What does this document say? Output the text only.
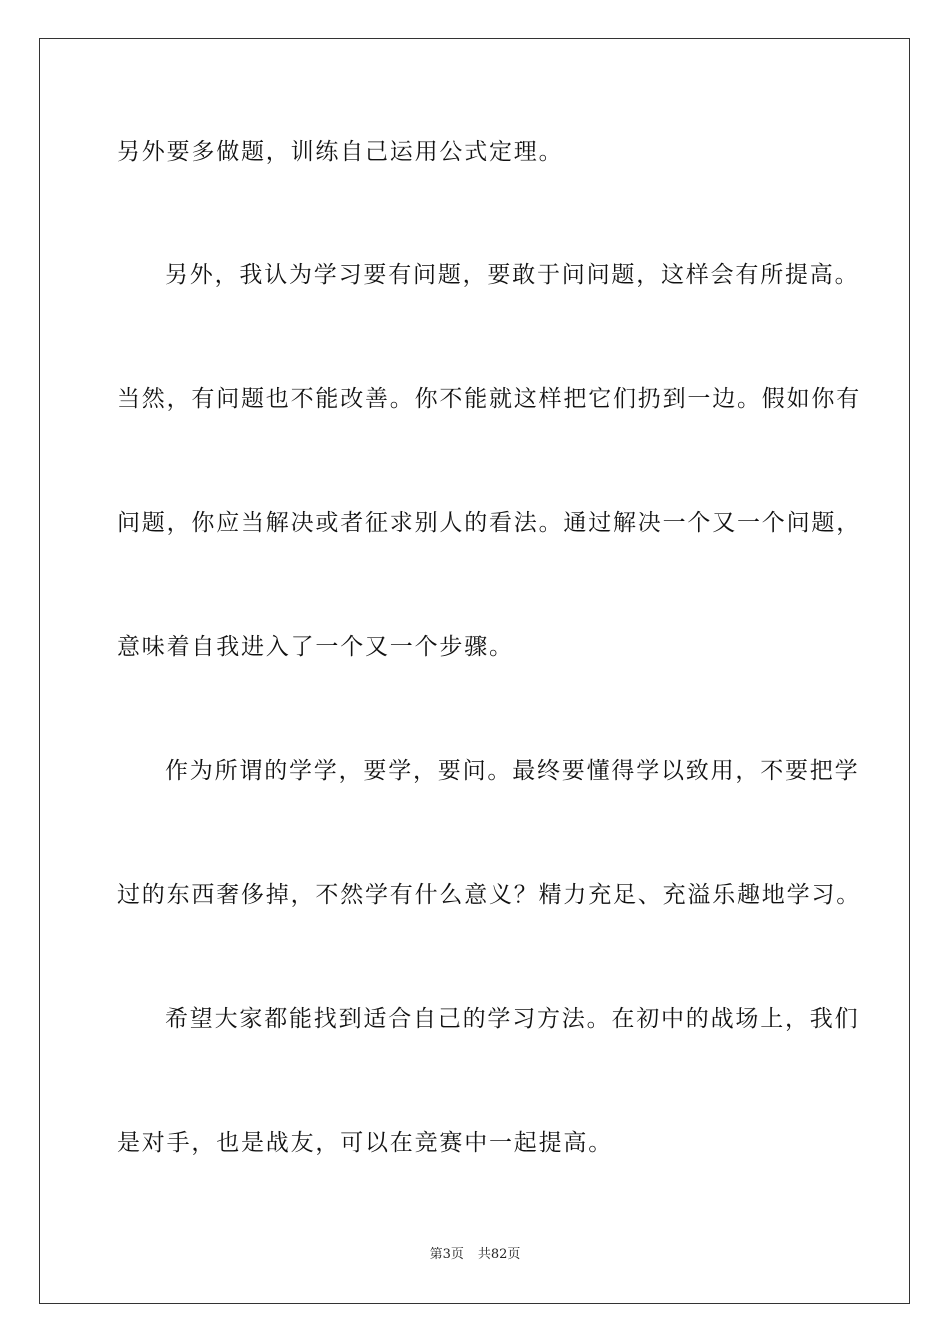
另外要多做题，训练自己运用公式定理。
另外，我认为学习要有问题，要敢于问问题，这样会有所提高。
当然，有问题也不能改善。你不能就这样把它们扔到一边。假如你有
问题，你应当解决或者征求别人的看法。通过解决一个又一个问题，
意味着自我进入了一个又一个步骤。
作为所谓的学学，要学，要问。最终要懂得学以致用，不要把学
过的东西奢侈掉，不然学有什么意义？精力充足、充溢乐趣地学习。
希望大家都能找到适合自己的学习方法。在初中的战场上，我们
是对手，也是战友，可以在竞赛中一起提高。
第3页 共82页
